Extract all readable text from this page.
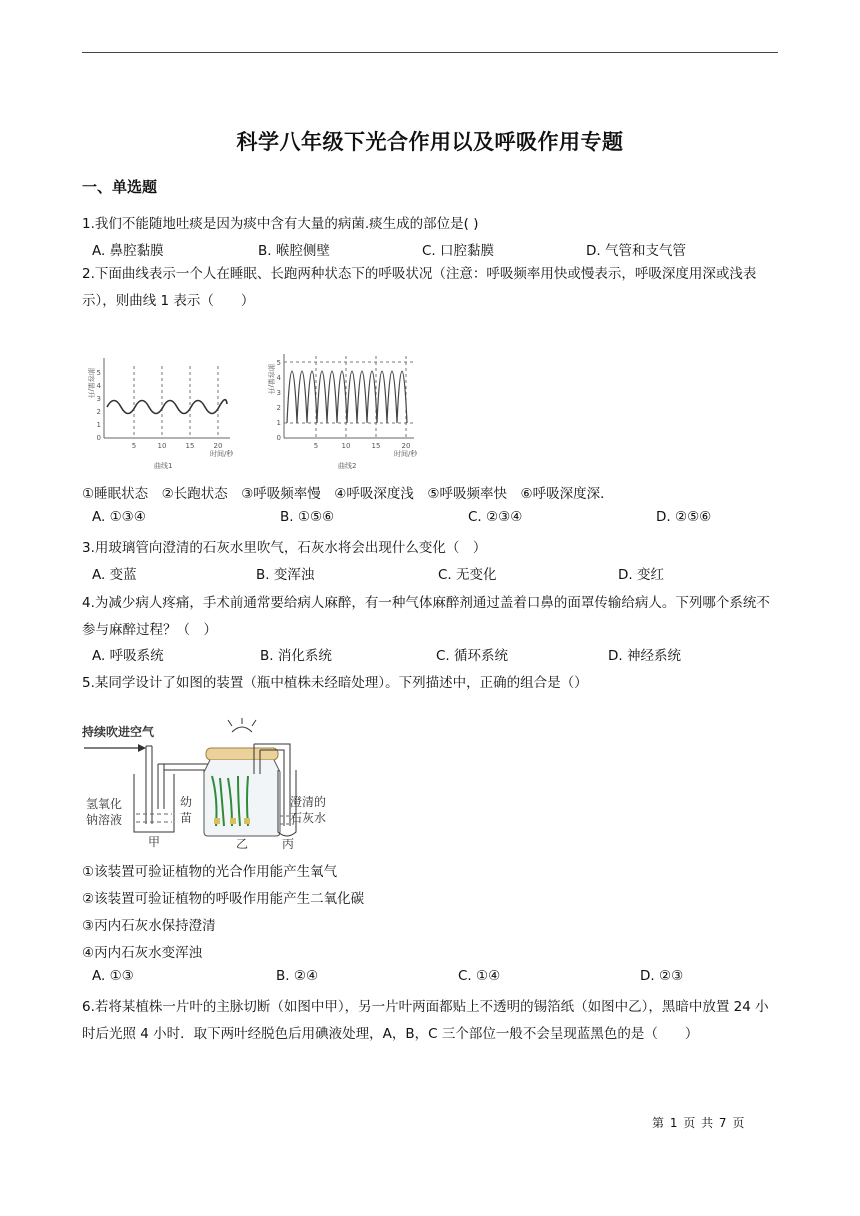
科学八年级下光合作用以及呼吸作用专题
一、单选题
1.我们不能随地吐痰是因为痰中含有大量的病菌.痰生成的部位是( )
A. 鼻腔黏膜	B. 喉腔侧壁	C. 口腔黏膜	D. 气管和支气管
2.下面曲线表示一个人在睡眠、长跑两种状态下的呼吸状况（注意：呼吸频率用快或慢表示，呼吸深度用深或浅表示），则曲线 1 表示（　　）
肺容量/升
0
1
2
3
4
5
5	10	15	20
时间/秒
曲线1
肺容量/升
0
1
2
3
4
5
5	10	15	20
时间/秒
曲线2
①睡眠状态　②长跑状态　③呼吸频率慢　④呼吸深度浅　⑤呼吸频率快　⑥呼吸深度深．
A. ①③④	B. ①⑤⑥	C. ②③④	D. ②⑤⑥
3.用玻璃管向澄清的石灰水里吹气，石灰水将会出现什么变化（　）
A. 变蓝	B. 变浑浊	C. 无变化	D. 变红
4.为减少病人疼痛，手术前通常要给病人麻醉，有一种气体麻醉剂通过盖着口鼻的面罩传输给病人。下列哪个系统不参与麻醉过程？（　）
A. 呼吸系统	B. 消化系统	C. 循环系统	D. 神经系统
5.某同学设计了如图的装置（瓶中植株未经暗处理）。下列描述中，正确的组合是（）
持续吹进空气
氢氧化
钠溶液
甲
幼
苗
乙
澄清的
石灰水
丙
①该装置可验证植物的光合作用能产生氧气
②该装置可验证植物的呼吸作用能产生二氧化碳
③丙内石灰水保持澄清
④丙内石灰水变浑浊
A. ①③	B. ②④	C. ①④	D. ②③
6.若将某植株一片叶的主脉切断（如图中甲），另一片叶两面都贴上不透明的锡箔纸（如图中乙），黑暗中放置 24 小时后光照 4 小时．取下两叶经脱色后用碘液处理，A，B，C 三个部位一般不会呈现蓝黑色的是（　　）
第 1 页 共 7 页
